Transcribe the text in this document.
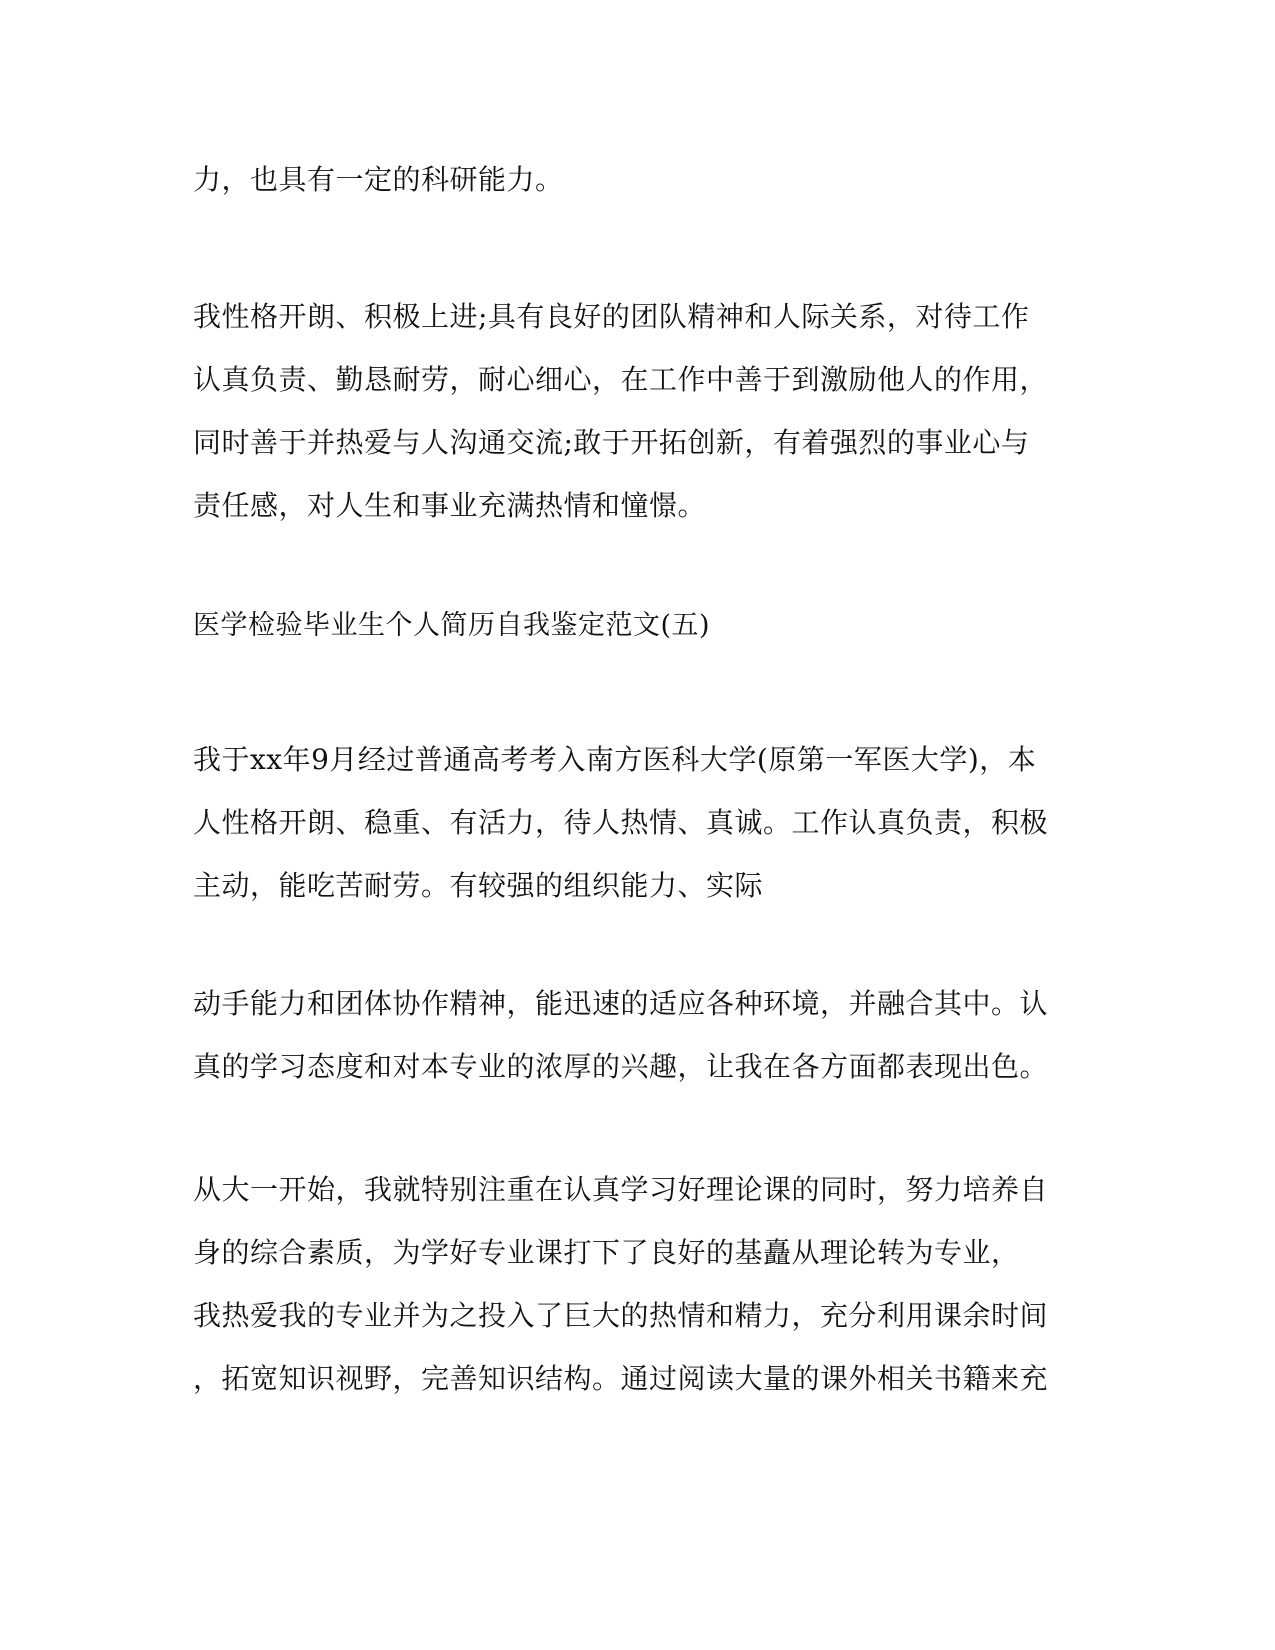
力，也具有一定的科研能力。
我性格开朗、积极上进;具有良好的团队精神和人际关系，对待工作
认真负责、勤恳耐劳，耐心细心，在工作中善于到激励他人的作用，
同时善于并热爱与人沟通交流;敢于开拓创新，有着强烈的事业心与
责任感，对人生和事业充满热情和憧憬。
医学检验毕业生个人简历自我鉴定范文(五)
我于xx年9月经过普通高考考入南方医科大学(原第一军医大学)，本
人性格开朗、稳重、有活力，待人热情、真诚。工作认真负责，积极
主动，能吃苦耐劳。有较强的组织能力、实际
动手能力和团体协作精神，能迅速的适应各种环境，并融合其中。认
真的学习态度和对本专业的浓厚的兴趣，让我在各方面都表现出色。
从大一开始，我就特别注重在认真学习好理论课的同时，努力培养自
身的综合素质，为学好专业课打下了良好的基矗从理论转为专业，
我热爱我的专业并为之投入了巨大的热情和精力，充分利用课余时间
，拓宽知识视野，完善知识结构。通过阅读大量的课外相关书籍来充
